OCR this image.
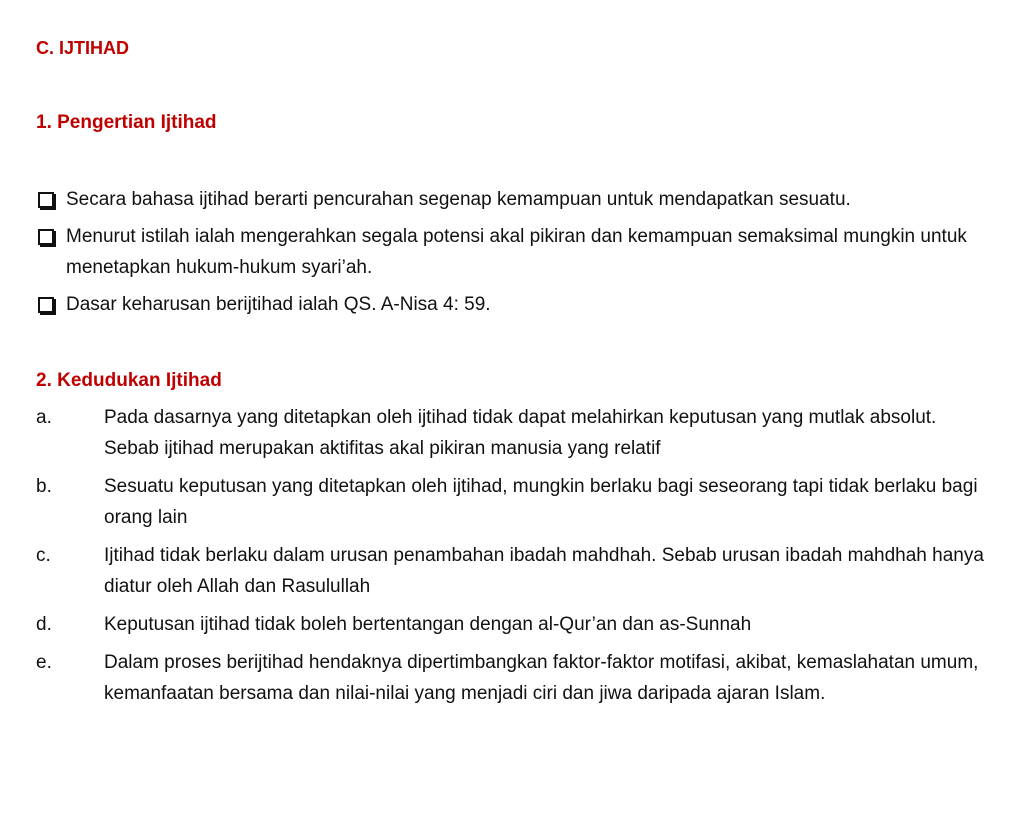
C. IJTIHAD
1. Pengertian Ijtihad
Secara bahasa ijtihad berarti pencurahan segenap kemampuan untuk mendapatkan sesuatu.
Menurut istilah ialah mengerahkan segala potensi akal pikiran dan kemampuan semaksimal mungkin untuk menetapkan hukum-hukum syari’ah.
Dasar keharusan berijtihad ialah QS. A-Nisa 4: 59.
2. Kedudukan Ijtihad
a.	Pada dasarnya yang ditetapkan oleh ijtihad tidak dapat melahirkan keputusan yang mutlak absolut. Sebab ijtihad merupakan aktifitas akal pikiran manusia yang relatif
b.	Sesuatu keputusan yang ditetapkan oleh ijtihad, mungkin berlaku bagi seseorang tapi tidak berlaku bagi orang lain
c.	Ijtihad tidak berlaku dalam urusan penambahan ibadah mahdhah. Sebab urusan ibadah mahdhah hanya diatur oleh Allah dan Rasulullah
d.	Keputusan ijtihad tidak boleh bertentangan dengan al-Qur’an dan as-Sunnah
e.	Dalam proses berijtihad hendaknya dipertimbangkan faktor-faktor motifasi, akibat, kemaslahatan umum, kemanfaatan bersama dan nilai-nilai yang menjadi ciri dan jiwa daripada ajaran Islam.
